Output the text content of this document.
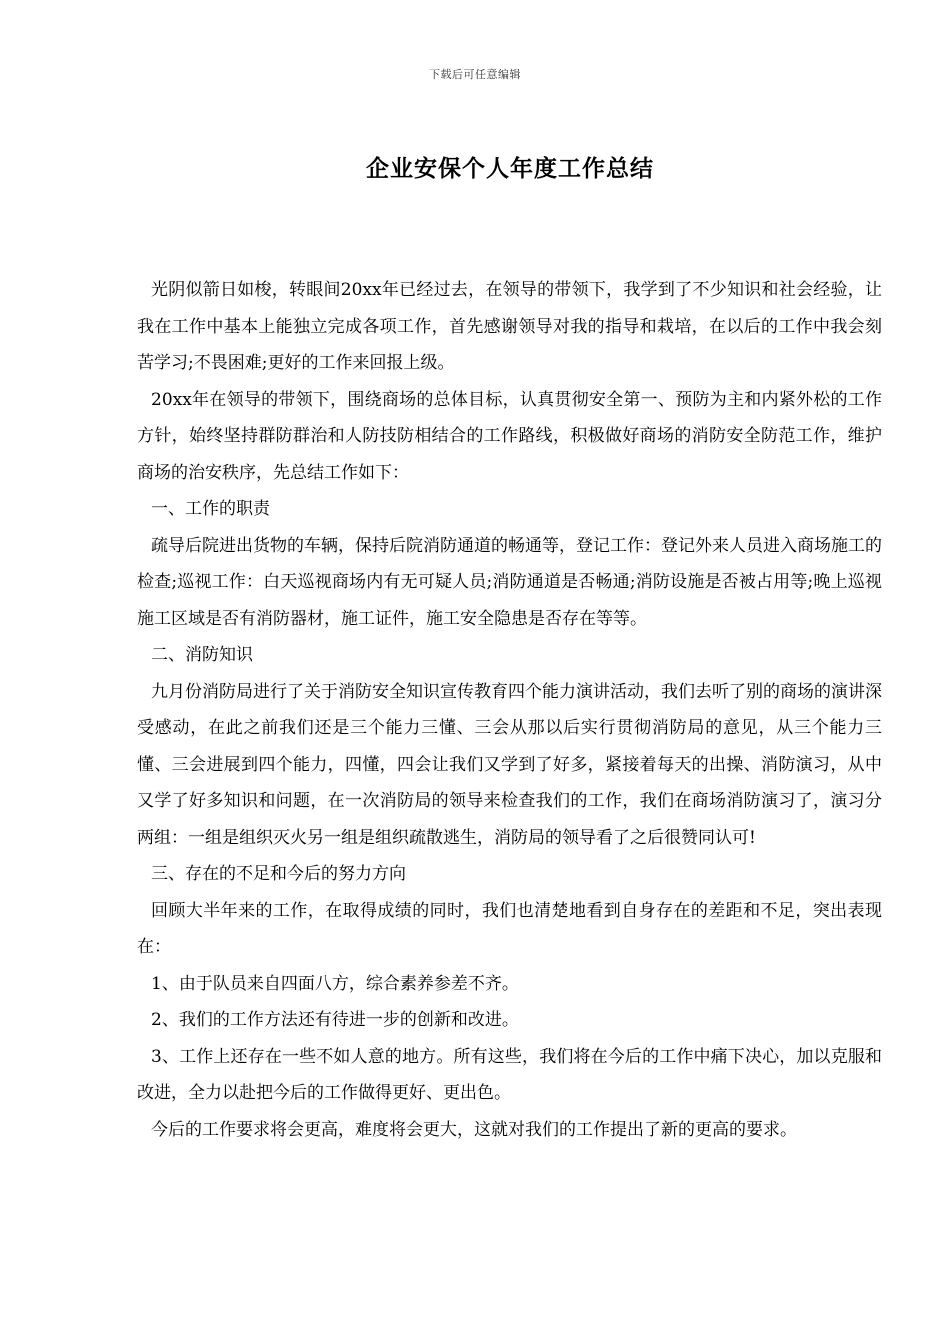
下载后可任意编辑
企业安保个人年度工作总结

光阴似箭日如梭，转眼间20xx年已经过去，在领导的带领下，我学到了不少知识和社会经验，让我在工作中基本上能独立完成各项工作，首先感谢领导对我的指导和栽培，在以后的工作中我会刻苦学习;不畏困难;更好的工作来回报上级。

20xx年在领导的带领下，围绕商场的总体目标，认真贯彻安全第一、预防为主和内紧外松的工作方针，始终坚持群防群治和人防技防相结合的工作路线，积极做好商场的消防安全防范工作，维护商场的治安秩序，先总结工作如下：

一、工作的职责

疏导后院进出货物的车辆，保持后院消防通道的畅通等，登记工作：登记外来人员进入商场施工的检查;巡视工作：白天巡视商场内有无可疑人员;消防通道是否畅通;消防设施是否被占用等;晚上巡视施工区域是否有消防器材，施工证件，施工安全隐患是否存在等等。

二、消防知识

九月份消防局进行了关于消防安全知识宣传教育四个能力演讲活动，我们去听了别的商场的演讲深受感动，在此之前我们还是三个能力三懂、三会从那以后实行贯彻消防局的意见，从三个能力三懂、三会进展到四个能力，四懂，四会让我们又学到了好多，紧接着每天的出操、消防演习，从中又学了好多知识和问题，在一次消防局的领导来检查我们的工作，我们在商场消防演习了，演习分两组：一组是组织灭火另一组是组织疏散逃生，消防局的领导看了之后很赞同认可!

三、存在的不足和今后的努力方向

回顾大半年来的工作，在取得成绩的同时，我们也清楚地看到自身存在的差距和不足，突出表现在：

1、由于队员来自四面八方，综合素养参差不齐。

2、我们的工作方法还有待进一步的创新和改进。

3、工作上还存在一些不如人意的地方。所有这些，我们将在今后的工作中痛下决心，加以克服和改进，全力以赴把今后的工作做得更好、更出色。

今后的工作要求将会更高，难度将会更大，这就对我们的工作提出了新的更高的要求。
